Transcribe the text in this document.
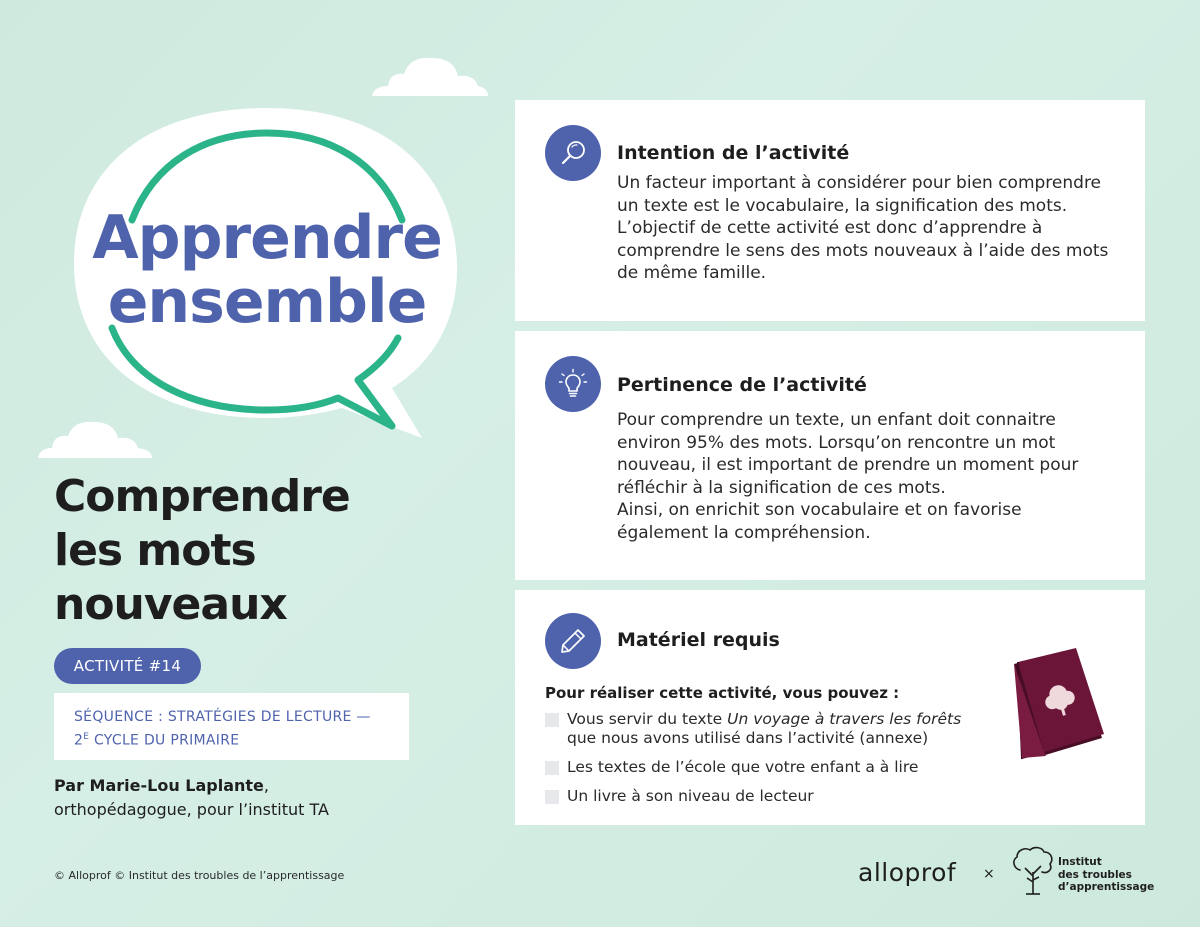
Apprendre
ensemble
Comprendre
les mots
nouveaux
ACTIVITÉ #14
SÉQUENCE : STRATÉGIES DE LECTURE —
$2^E$ CYCLE DU PRIMAIRE
Par Marie-Lou Laplante,
orthopédagogue, pour l’institut TA
© Alloprof © Institut des troubles de l’apprentissage
Intention de l’activité

Un facteur important à considérer pour bien comprendre un texte est le vocabulaire, la signification des mots. L’objectif de cette activité est donc d’apprendre à comprendre le sens des mots nouveaux à l’aide des mots de même famille.

Pertinence de l’activité

Pour comprendre un texte, un enfant doit connaitre environ 95% des mots. Lorsqu’on rencontre un mot nouveau, il est important de prendre un moment pour réfléchir à la signification de ces mots.

Ainsi, on enrichit son vocabulaire et on favorise également la compréhension.

Matériel requis
Pour réaliser cette activité, vous pouvez :
Vous servir du texte Un voyage à travers les forêts que nous avons utilisé dans l’activité (annexe)
Les textes de l’école que votre enfant a à lire
Un livre à son niveau de lecteur
alloprof ×
Institut
des troubles
d’apprentissage
